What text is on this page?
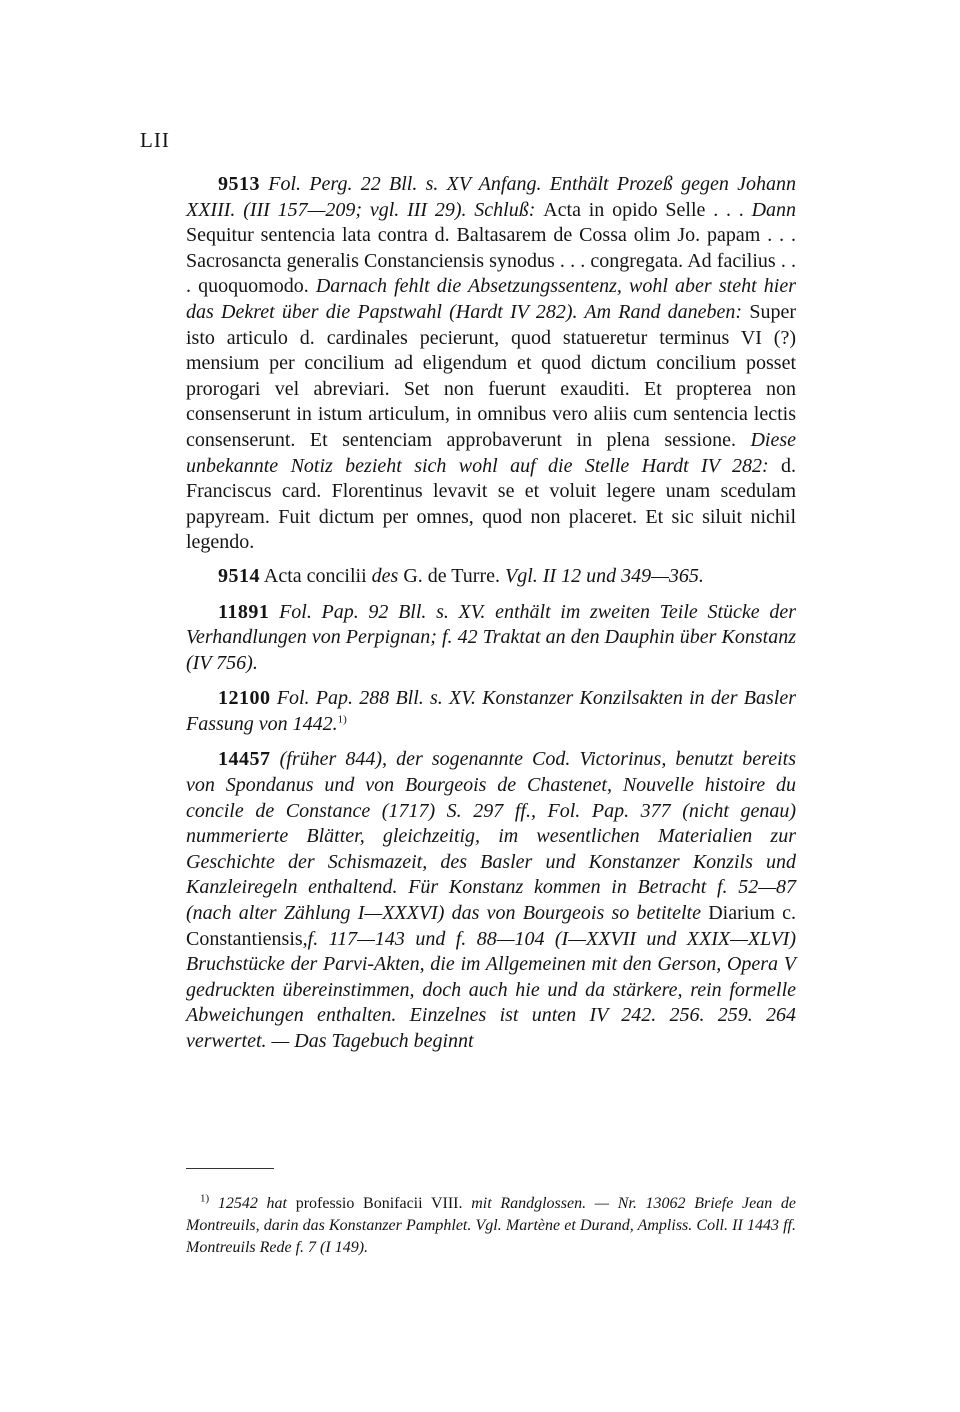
LII

9513 Fol. Perg. 22 Bll. s. XV Anfang. Enthält Prozeß gegen Johann XXIII. (III 157—209; vgl. III 29). Schluß: Acta in opido Selle . . . Dann Sequitur sentencia lata contra d. Baltasarem de Cossa olim Jo. papam . . . Sacrosancta generalis Constanciensis synodus . . . congregata. Ad facilius . . . quoquomodo. Darnach fehlt die Absetzungssentenz, wohl aber steht hier das Dekret über die Papstwahl (Hardt IV 282). Am Rand daneben: Super isto articulo d. cardinales pecierunt, quod statueretur terminus VI (?) mensium per concilium ad eligendum et quod dictum concilium posset prorogari vel abreviari. Set non fuerunt exauditi. Et propterea non consenserunt in istum articulum, in omnibus vero aliis cum sentencia lectis consenserunt. Et sentenciam approbaverunt in plena sessione. Diese unbekannte Notiz bezieht sich wohl auf die Stelle Hardt IV 282: d. Franciscus card. Florentinus levavit se et voluit legere unam scedulam papyream. Fuit dictum per omnes, quod non placeret. Et sic siluit nichil legendo.

9514 Acta concilii des G. de Turre. Vgl. II 12 und 349—365.

11891 Fol. Pap. 92 Bll. s. XV. enthält im zweiten Teile Stücke der Verhandlungen von Perpignan; f. 42 Traktat an den Dauphin über Konstanz (IV 756).

12100 Fol. Pap. 288 Bll. s. XV. Konstanzer Konzilsakten in der Basler Fassung von 1442.$^{1)}$

14457 (früher 844), der sogenannte Cod. Victorinus, benutzt bereits von Spondanus und von Bourgeois de Chastenet, Nouvelle histoire du concile de Constance (1717) S. 297 ff., Fol. Pap. 377 (nicht genau) nummerierte Blätter, gleichzeitig, im wesentlichen Materialien zur Geschichte der Schismazeit, des Basler und Konstanzer Konzils und Kanzleiregeln enthaltend. Für Konstanz kommen in Betracht f. 52—87 (nach alter Zählung I—XXXVI) das von Bourgeois so betitelte Diarium c. Constantiensis,f. 117—143 und f. 88—104 (I—XXVII und XXIX—XLVI) Bruchstücke der Parvi-Akten, die im Allgemeinen mit den Gerson, Opera V gedruckten übereinstimmen, doch auch hie und da stärkere, rein formelle Abweichungen enthalten. Einzelnes ist unten IV 242. 256. 259. 264 verwertet. — Das Tagebuch beginnt

$^{1)}$ 12542 hat professio Bonifacii VIII. mit Randglossen. — Nr. 13062 Briefe Jean de Montreuils, darin das Konstanzer Pamphlet. Vgl. Martène et Durand, Ampliss. Coll. II 1443 ff. Montreuils Rede f. 7 (I 149).
